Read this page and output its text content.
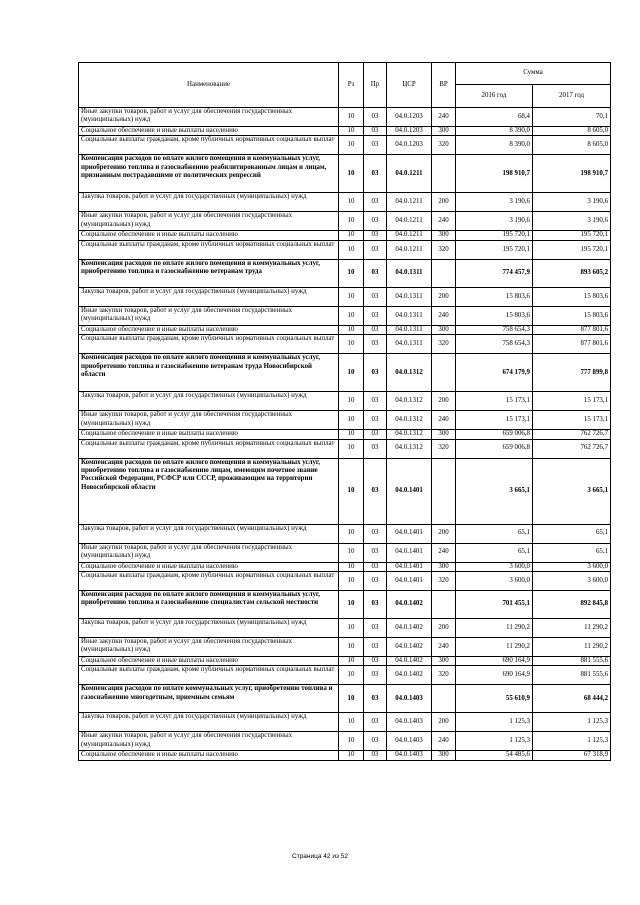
Наименование	Рз	Пр	ЦСР	ВР	Сумма	
					2016 год	2017 год
Иные закупки товаров, работ и услуг для обеспечения государственных (муниципальных) нужд	10	03	04.0.1203	240	68,4	70,1
Социальное обеспечение и иные выплаты населению	10	03	04.0.1203	300	8 390,0	8 605,0
Социальные выплаты гражданам, кроме публичных нормативных социальных выплат	10	03	04.0.1203	320	8 390,0	8 605,0
Компенсация расходов по оплате жилого помещения и коммунальных услуг, приобретению топлива и газоснабжению реабилитированным лицам и лицам, признанным пострадавшими от политических репрессий	10	03	04.0.1211		198 910,7	198 910,7
Закупка товаров, работ и услуг для государственных (муниципальных) нужд	10	03	04.0.1211	200	3 190,6	3 190,6
Иные закупки товаров, работ и услуг для обеспечения государственных (муниципальных) нужд	10	03	04.0.1211	240	3 190,6	3 190,6
Социальное обеспечение и иные выплаты населению	10	03	04.0.1211	300	195 720,1	195 720,1
Социальные выплаты гражданам, кроме публичных нормативных социальных выплат	10	03	04.0.1211	320	195 720,1	195 720,1
Компенсация расходов по оплате жилого помещения и коммунальных услуг, приобретению топлива и газоснабжению ветеранам труда	10	03	04.0.1311		774 457,9	893 605,2
Закупка товаров, работ и услуг для государственных (муниципальных) нужд	10	03	04.0.1311	200	15 803,6	15 803,6
Иные закупки товаров, работ и услуг для обеспечения государственных (муниципальных) нужд	10	03	04.0.1311	240	15 803,6	15 803,6
Социальное обеспечение и иные выплаты населению	10	03	04.0.1311	300	758 654,3	877 801,6
Социальные выплаты гражданам, кроме публичных нормативных социальных выплат	10	03	04.0.1311	320	758 654,3	877 801,6
Компенсация расходов по оплате жилого помещения и коммунальных услуг, приобретению топлива и газоснабжению ветеранам труда Новосибирской области	10	03	04.0.1312		674 179,9	777 899,8
Закупка товаров, работ и услуг для государственных (муниципальных) нужд	10	03	04.0.1312	200	15 173,1	15 173,1
Иные закупки товаров, работ и услуг для обеспечения государственных (муниципальных) нужд	10	03	04.0.1312	240	15 173,1	15 173,1
Социальное обеспечение и иные выплаты населению	10	03	04.0.1312	300	659 006,8	762 726,7
Социальные выплаты гражданам, кроме публичных нормативных социальных выплат	10	03	04.0.1312	320	659 006,8	762 726,7
Компенсация расходов по оплате жилого помещения и коммунальных услуг, приобретению топлива и газоснабжению лицам, имеющим почетное звание Российской Федерации, РСФСР или СССР, проживающим на территории Новосибирской области	10	03	04.0.1401		3 665,1	3 665,1
Закупка товаров, работ и услуг для государственных (муниципальных) нужд	10	03	04.0.1401	200	65,1	65,1
Иные закупки товаров, работ и услуг для обеспечения государственных (муниципальных) нужд	10	03	04.0.1401	240	65,1	65,1
Социальное обеспечение и иные выплаты населению	10	03	04.0.1401	300	3 600,0	3 600,0
Социальные выплаты гражданам, кроме публичных нормативных социальных выплат	10	03	04.0.1401	320	3 600,0	3 600,0
Компенсация расходов по оплате жилого помещения и коммунальных услуг, приобретению топлива и газоснабжению специалистам сельской местности	10	03	04.0.1402		701 455,1	892 845,8
Закупка товаров, работ и услуг для государственных (муниципальных) нужд	10	03	04.0.1402	200	11 290,2	11 290,2
Иные закупки товаров, работ и услуг для обеспечения государственных (муниципальных) нужд	10	03	04.0.1402	240	11 290,2	11 290,2
Социальное обеспечение и иные выплаты населению	10	03	04.0.1402	300	690 164,9	881 555,6
Социальные выплаты гражданам, кроме публичных нормативных социальных выплат	10	03	04.0.1402	320	690 164,9	881 555,6
Компенсация расходов по оплате коммунальных услуг, приобретению топлива и газоснабжению многодетным, приемным семьям	10	03	04.0.1403		55 610,9	68 444,2
Закупка товаров, работ и услуг для государственных (муниципальных) нужд	10	03	04.0.1403	200	1 125,3	1 125,3
Иные закупки товаров, работ и услуг для обеспечения государственных (муниципальных) нужд	10	03	04.0.1403	240	1 125,3	1 125,3
Социальное обеспечение и иные выплаты населению	10	03	04.0.1403	300	54 485,6	67 318,9
Страница 42 из 52
